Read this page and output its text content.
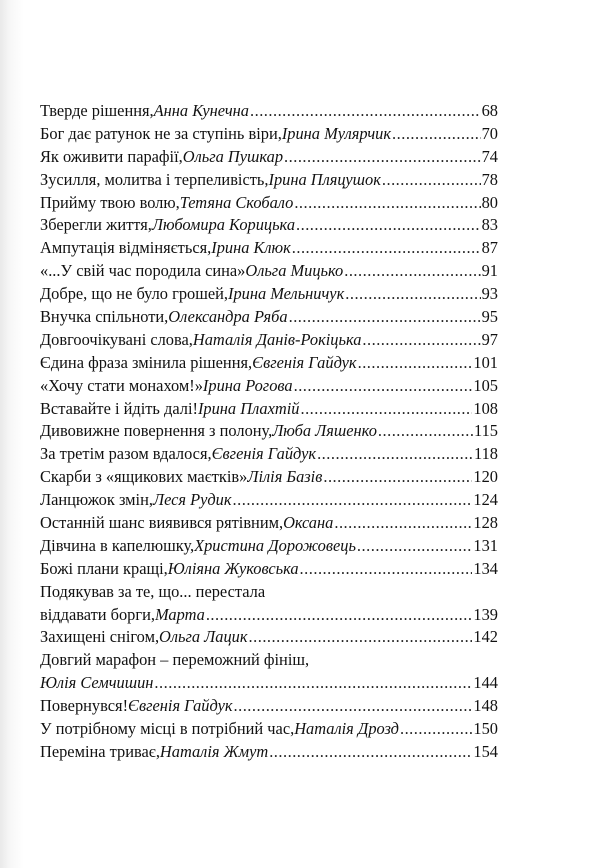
Тверде рішення, Анна Кунечна .....	68
Бог дає ратунок не за ступінь віри, Ірина Мулярчик .....	70
Як оживити парафії, Ольга Пушкар .....	74
Зусилля, молитва і терпеливість, Ірина Пляцушок .....	78
Прийму твою волю, Тетяна Скобало .....	80
Зберегли життя, Любомира Корицька .....	83
Ампутація відміняється, Ірина Клюк .....	87
«...У свій час породила сина» Ольга Мицько .....	91
Добре, що не було грошей, Ірина Мельничук .....	93
Внучка спільноти, Олександра Ряба .....	95
Довгоочікувані слова, Наталія Данів-Рокіцька .....	97
Єдина фраза змінила рішення, Євгенія Гайдук .....	101
«Хочу стати монахом!» Ірина Рогова .....	105
Вставайте і йдіть далі! Ірина Плахтій .....	108
Дивовижне повернення з полону, Люба Ляшенко .....	115
За третім разом вдалося, Євгенія Гайдук .....	118
Скарби з «ящикових маєтків» Лілія Базів .....	120
Ланцюжок змін, Леся Рудик .....	124
Останній шанс виявився рятівним, Оксана .....	128
Дівчина в капелюшку, Христина Дорожовець .....	131
Божі плани кращі, Юліяна Жуковська .....	134
Подякував за те, що... перестала
віддавати борги, Марта .....	139
Захищені снігом, Ольга Лацик .....	142
Довгий марафон – переможний фініш,
Юлія Семчишин .....	144
Повернувся! Євгенія Гайдук .....	148
У потрібному місці в потрібний час, Наталія Дрозд .....	150
Переміна триває, Наталія Жмут .....	154
